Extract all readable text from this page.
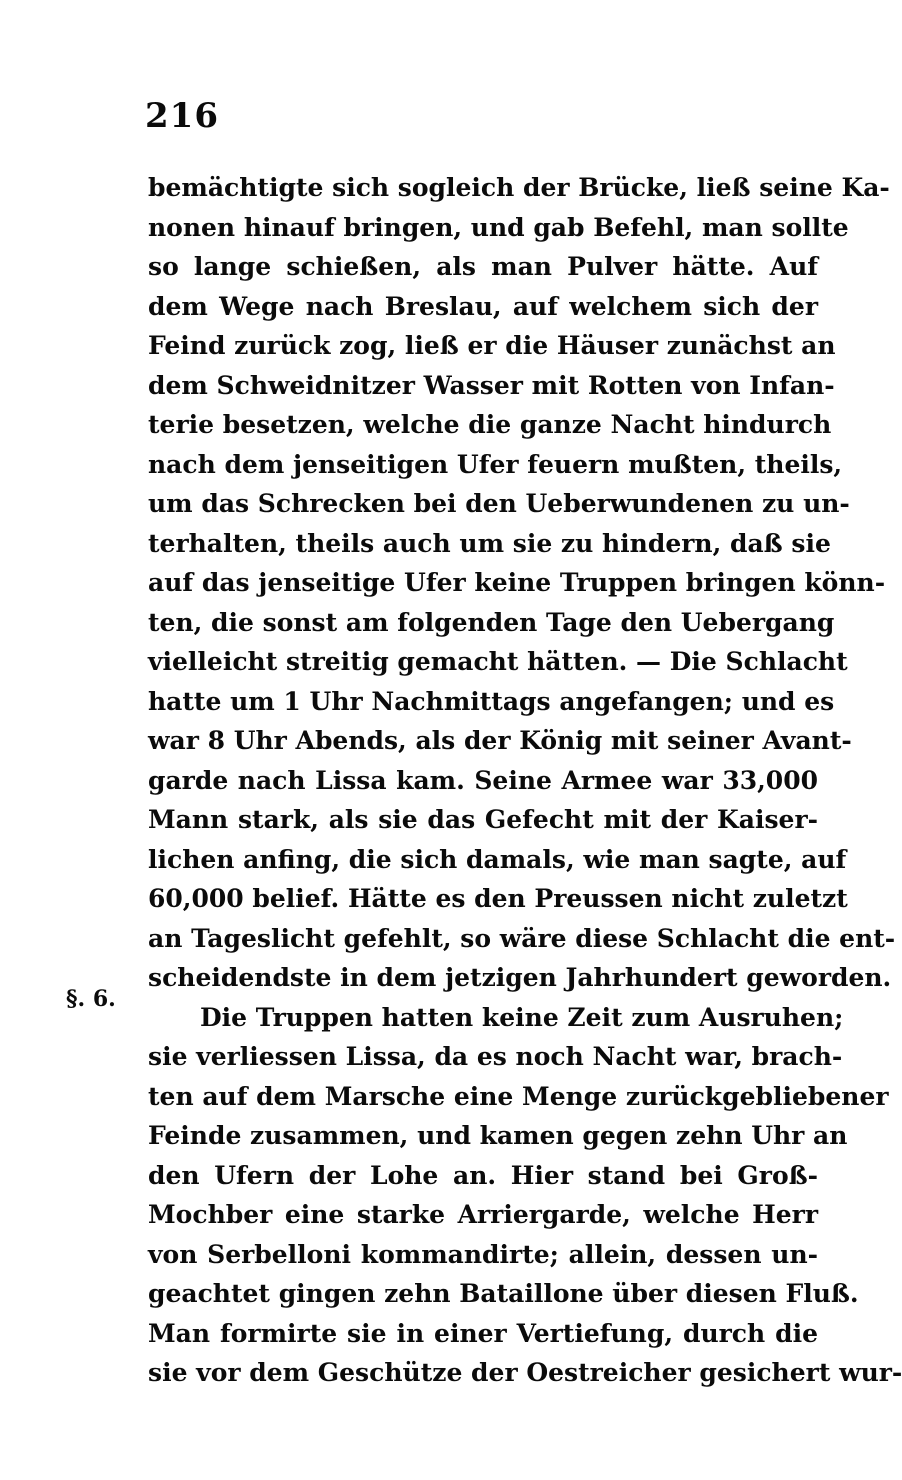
216
§. 6.
bemächtigte sich sogleich der Brücke, ließ seine Ka-
nonen hinauf bringen, und gab Befehl, man sollte
so lange schießen, als man Pulver hätte. Auf
dem Wege nach Breslau, auf welchem sich der
Feind zurück zog, ließ er die Häuser zunächst an
dem Schweidnitzer Wasser mit Rotten von Infan-
terie besetzen, welche die ganze Nacht hindurch
nach dem jenseitigen Ufer feuern mußten, theils,
um das Schrecken bei den Ueberwundenen zu un-
terhalten, theils auch um sie zu hindern, daß sie
auf das jenseitige Ufer keine Truppen bringen könn-
ten, die sonst am folgenden Tage den Uebergang
vielleicht streitig gemacht hätten. — Die Schlacht
hatte um 1 Uhr Nachmittags angefangen; und es
war 8 Uhr Abends, als der König mit seiner Avant-
garde nach Lissa kam. Seine Armee war 33,000
Mann stark, als sie das Gefecht mit der Kaiser-
lichen anfing, die sich damals, wie man sagte, auf
60,000 belief. Hätte es den Preussen nicht zuletzt
an Tageslicht gefehlt, so wäre diese Schlacht die ent-
scheidendste in dem jetzigen Jahrhundert geworden.
Die Truppen hatten keine Zeit zum Ausruhen;
sie verliessen Lissa, da es noch Nacht war, brach-
ten auf dem Marsche eine Menge zurückgebliebener
Feinde zusammen, und kamen gegen zehn Uhr an
den Ufern der Lohe an. Hier stand bei Groß-
Mochber eine starke Arriergarde, welche Herr
von Serbelloni kommandirte; allein, dessen un-
geachtet gingen zehn Bataillone über diesen Fluß.
Man formirte sie in einer Vertiefung, durch die
sie vor dem Geschütze der Oestreicher gesichert wur-
